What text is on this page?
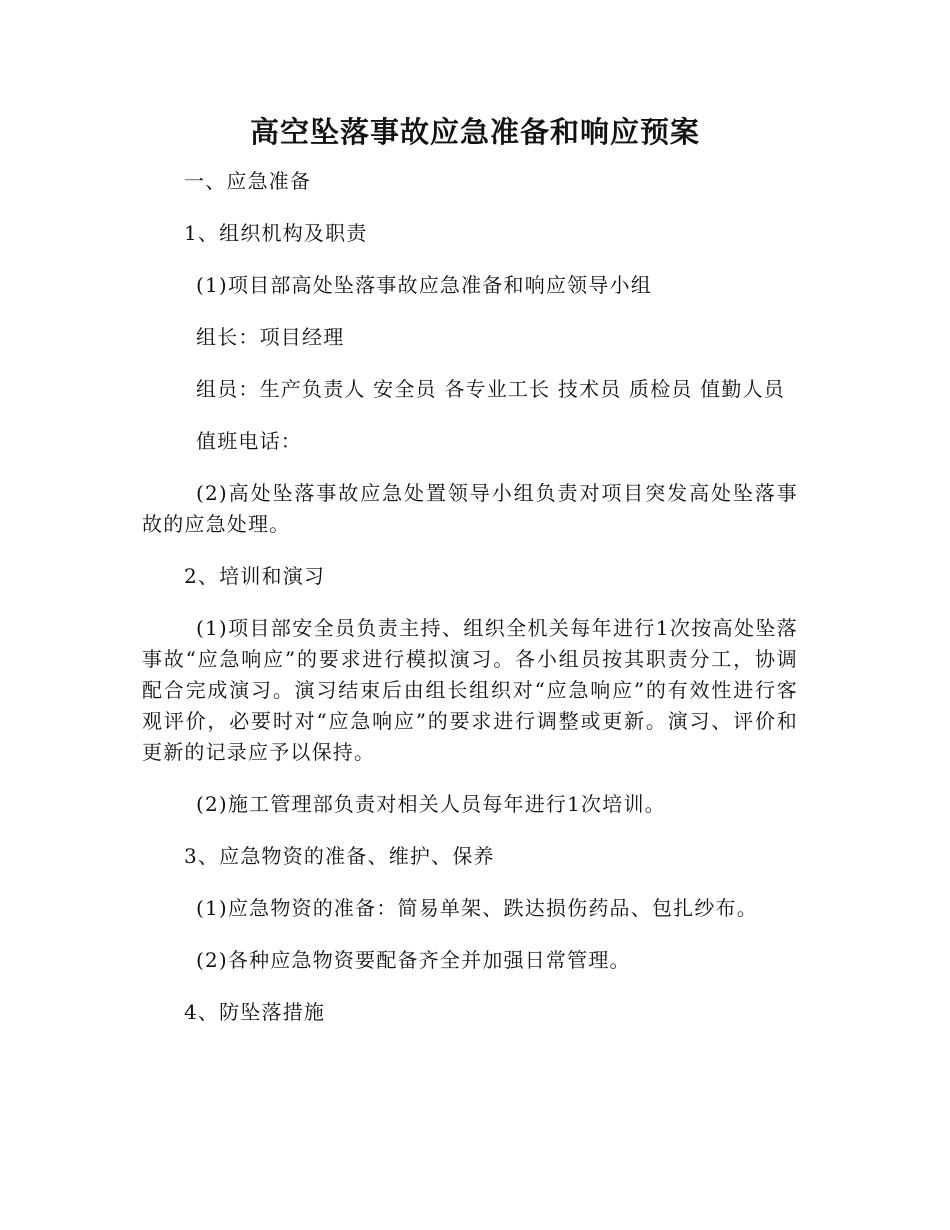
高空坠落事故应急准备和响应预案

一、应急准备

1、组织机构及职责

(1)项目部高处坠落事故应急准备和响应领导小组

组长：项目经理

组员：生产负责人 安全员 各专业工长 技术员 质检员 值勤人员

值班电话：

(2)高处坠落事故应急处置领导小组负责对项目突发高处坠落事故的应急处理。

2、培训和演习

(1)项目部安全员负责主持、组织全机关每年进行1次按高处坠落事故“应急响应”的要求进行模拟演习。各小组员按其职责分工，协调配合完成演习。演习结束后由组长组织对“应急响应”的有效性进行客观评价，必要时对“应急响应”的要求进行调整或更新。演习、评价和更新的记录应予以保持。

(2)施工管理部负责对相关人员每年进行1次培训。

3、应急物资的准备、维护、保养

(1)应急物资的准备：简易单架、跌达损伤药品、包扎纱布。

(2)各种应急物资要配备齐全并加强日常管理。

4、防坠落措施
